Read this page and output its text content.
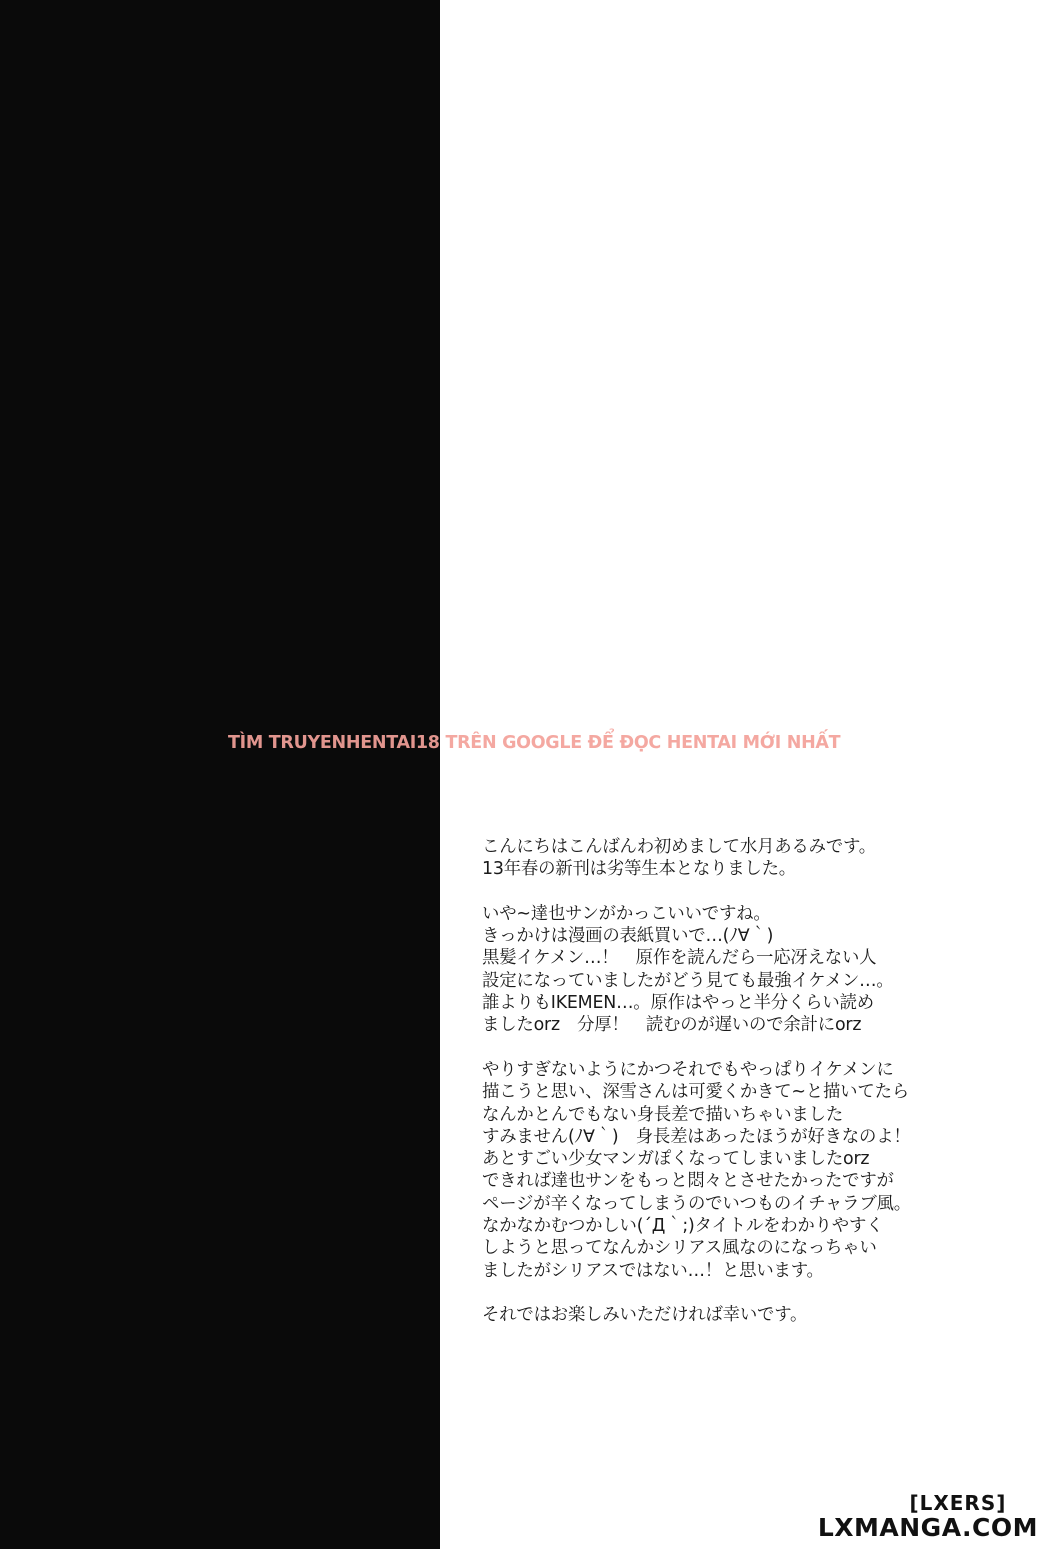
TÌM TRUYENHENTAI18 TRÊN GOOGLE ĐỂ ĐỌC HENTAI MỚI NHẤT
こんにちはこんばんわ初めまして水月あるみです。
13年春の新刊は劣等生本となりました。
いや~達也サンがかっこいいですね。
きっかけは漫画の表紙買いで…(ﾉ∀｀)
黒髪イケメン…！　原作を読んだら一応冴えない人
設定になっていましたがどう見ても最強イケメン…。
誰よりもIKEMEN…。原作はやっと半分くらい読め
ましたorz　分厚！　読むのが遅いので余計にorz
やりすぎないようにかつそれでもやっぱりイケメンに
描こうと思い、深雪さんは可愛くかきて~と描いてたら
なんかとんでもない身長差で描いちゃいました
すみません(ﾉ∀｀)　身長差はあったほうが好きなのよ！
あとすごい少女マンガぽくなってしまいましたorz
できれば達也サンをもっと悶々とさせたかったですが
ページが辛くなってしまうのでいつものイチャラブ風。
なかなかむつかしい(´Д｀;)タイトルをわかりやすく
しようと思ってなんかシリアス風なのになっちゃい
ましたがシリアスではない…！と思います。
それではお楽しみいただければ幸いです。
[LXERS]
LXMANGA.COM
